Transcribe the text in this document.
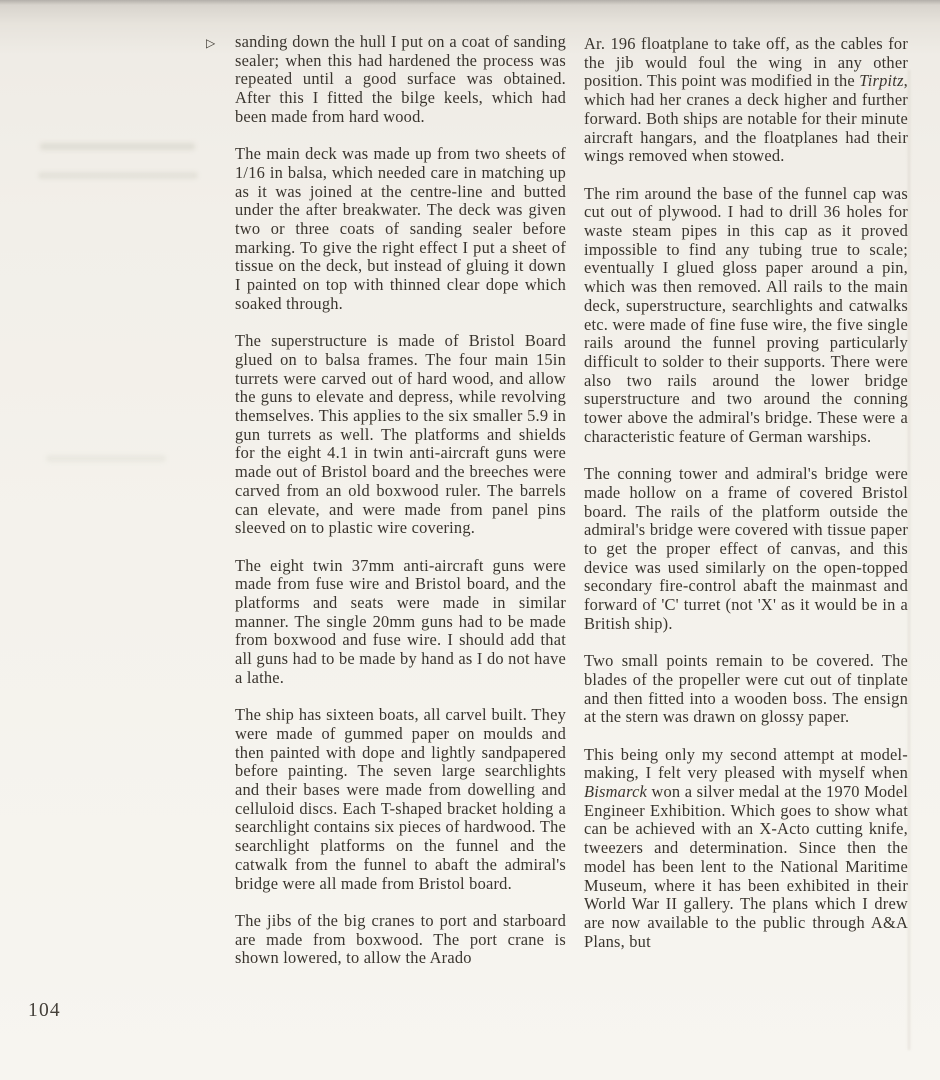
▷ sanding down the hull I put on a coat of sanding sealer; when this had hardened the process was repeated until a good surface was obtained. After this I fitted the bilge keels, which had been made from hard wood.

The main deck was made up from two sheets of 1/16 in balsa, which needed care in matching up as it was joined at the centre-line and butted under the after breakwater. The deck was given two or three coats of sanding sealer before marking. To give the right effect I put a sheet of tissue on the deck, but instead of gluing it down I painted on top with thinned clear dope which soaked through.

The superstructure is made of Bristol Board glued on to balsa frames. The four main 15in turrets were carved out of hard wood, and allow the guns to elevate and depress, while revolving themselves. This applies to the six smaller 5.9 in gun turrets as well. The platforms and shields for the eight 4.1 in twin anti-aircraft guns were made out of Bristol board and the breeches were carved from an old boxwood ruler. The barrels can elevate, and were made from panel pins sleeved on to plastic wire covering.

The eight twin 37mm anti-aircraft guns were made from fuse wire and Bristol board, and the platforms and seats were made in similar manner. The single 20mm guns had to be made from boxwood and fuse wire. I should add that all guns had to be made by hand as I do not have a lathe.

The ship has sixteen boats, all carvel built. They were made of gummed paper on moulds and then painted with dope and lightly sandpapered before painting. The seven large searchlights and their bases were made from dowelling and celluloid discs. Each T-shaped bracket holding a searchlight contains six pieces of hardwood. The searchlight platforms on the funnel and the catwalk from the funnel to abaft the admiral's bridge were all made from Bristol board.

The jibs of the big cranes to port and starboard are made from boxwood. The port crane is shown lowered, to allow the Arado

Ar. 196 floatplane to take off, as the cables for the jib would foul the wing in any other position. This point was modified in the Tirpitz, which had her cranes a deck higher and further forward. Both ships are notable for their minute aircraft hangars, and the floatplanes had their wings removed when stowed.

The rim around the base of the funnel cap was cut out of plywood. I had to drill 36 holes for waste steam pipes in this cap as it proved impossible to find any tubing true to scale; eventually I glued gloss paper around a pin, which was then removed. All rails to the main deck, superstructure, searchlights and catwalks etc. were made of fine fuse wire, the five single rails around the funnel proving particularly difficult to solder to their supports. There were also two rails around the lower bridge superstructure and two around the conning tower above the admiral's bridge. These were a characteristic feature of German warships.

The conning tower and admiral's bridge were made hollow on a frame of covered Bristol board. The rails of the platform outside the admiral's bridge were covered with tissue paper to get the proper effect of canvas, and this device was used similarly on the open-topped secondary fire-control abaft the mainmast and forward of 'C' turret (not 'X' as it would be in a British ship).

Two small points remain to be covered. The blades of the propeller were cut out of tinplate and then fitted into a wooden boss. The ensign at the stern was drawn on glossy paper.

This being only my second attempt at model-making, I felt very pleased with myself when Bismarck won a silver medal at the 1970 Model Engineer Exhibition. Which goes to show what can be achieved with an X-Acto cutting knife, tweezers and determination. Since then the model has been lent to the National Maritime Museum, where it has been exhibited in their World War II gallery. The plans which I drew are now available to the public through A&A Plans, but

104
